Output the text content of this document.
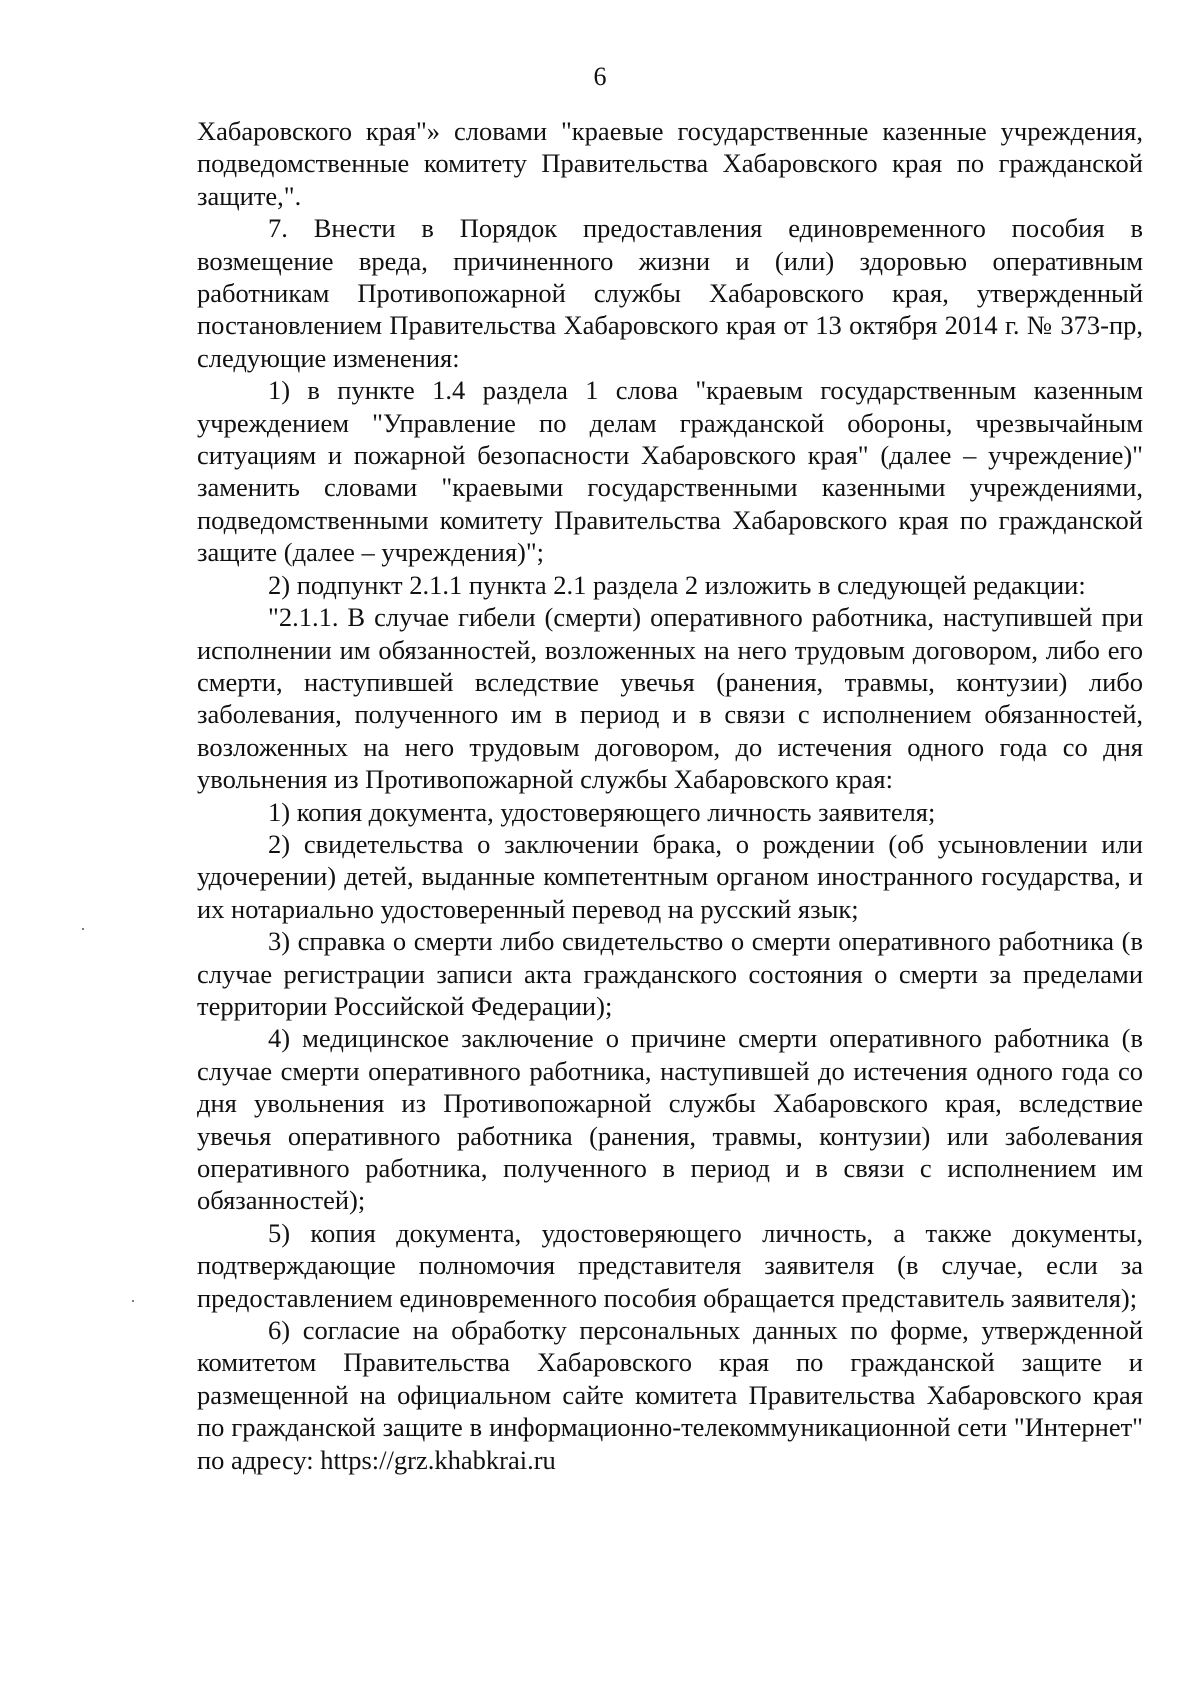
6

Хабаровского края"» словами "краевые государственные казенные учреждения, подведомственные комитету Правительства Хабаровского края по гражданской защите,".

7. Внести в Порядок предоставления единовременного пособия в возмещение вреда, причиненного жизни и (или) здоровью оперативным работникам Противопожарной службы Хабаровского края, утвержденный постановлением Правительства Хабаровского края от 13 октября 2014 г. № 373-пр, следующие изменения:

1) в пункте 1.4 раздела 1 слова "краевым государственным казенным учреждением "Управление по делам гражданской обороны, чрезвычайным ситуациям и пожарной безопасности Хабаровского края" (далее – учреждение)" заменить словами "краевыми государственными казенными учреждениями, подведомственными комитету Правительства Хабаровского края по гражданской защите (далее – учреждения)";

2) подпункт 2.1.1 пункта 2.1 раздела 2 изложить в следующей редакции:

"2.1.1. В случае гибели (смерти) оперативного работника, наступившей при исполнении им обязанностей, возложенных на него трудовым договором, либо его смерти, наступившей вследствие увечья (ранения, травмы, контузии) либо заболевания, полученного им в период и в связи с исполнением обязанностей, возложенных на него трудовым договором, до истечения одного года со дня увольнения из Противопожарной службы Хабаровского края:

1) копия документа, удостоверяющего личность заявителя;

2) свидетельства о заключении брака, о рождении (об усыновлении или удочерении) детей, выданные компетентным органом иностранного государства, и их нотариально удостоверенный перевод на русский язык;

3) справка о смерти либо свидетельство о смерти оперативного работника (в случае регистрации записи акта гражданского состояния о смерти за пределами территории Российской Федерации);

4) медицинское заключение о причине смерти оперативного работника (в случае смерти оперативного работника, наступившей до истечения одного года со дня увольнения из Противопожарной службы Хабаровского края, вследствие увечья оперативного работника (ранения, травмы, контузии) или заболевания оперативного работника, полученного в период и в связи с исполнением им обязанностей);

5) копия документа, удостоверяющего личность, а также документы, подтверждающие полномочия представителя заявителя (в случае, если за предоставлением единовременного пособия обращается представитель заявителя);

6) согласие на обработку персональных данных по форме, утвержденной комитетом Правительства Хабаровского края по гражданской защите и размещенной на официальном сайте комитета Правительства Хабаровского края по гражданской защите в информационно-телекоммуникационной сети "Интернет" по адресу: https://grz.khabkrai.ru
